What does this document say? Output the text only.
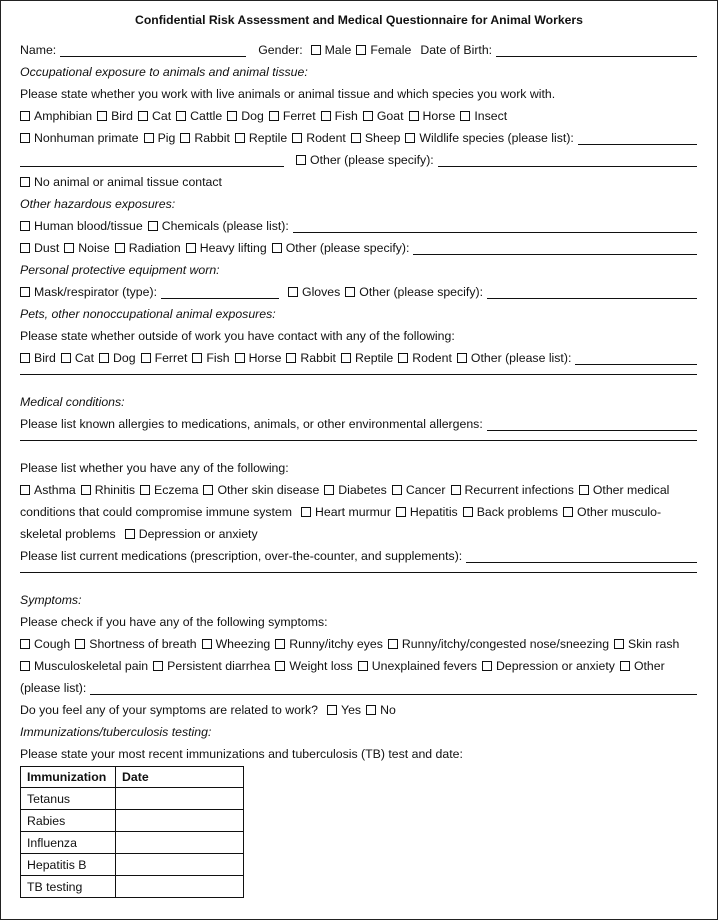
Confidential Risk Assessment and Medical Questionnaire for Animal Workers
Name:	Gender: Male Female Date of Birth:
Occupational exposure to animals and animal tissue:
Please state whether you work with live animals or animal tissue and which species you work with.
Amphibian Bird Cat Cattle Dog Ferret Fish Goat Horse Insect
Nonhuman primate Pig Rabbit Reptile Rodent Sheep Wildlife species (please list):
Other (please specify):
No animal or animal tissue contact
Other hazardous exposures:
Human blood/tissue Chemicals (please list):
Dust Noise Radiation Heavy lifting Other (please specify):
Personal protective equipment worn:
Mask/respirator (type):	Gloves Other (please specify):
Pets, other nonoccupational animal exposures:
Please state whether outside of work you have contact with any of the following:
Bird Cat Dog Ferret Fish Horse Rabbit Reptile Rodent Other (please list):
Medical conditions:
Please list known allergies to medications, animals, or other environmental allergens:
Please list whether you have any of the following:
Asthma Rhinitis Eczema Other skin disease Diabetes Cancer Recurrent infections Other medical
conditions that could compromise immune system Heart murmur Hepatitis Back problems Other musculo-
skeletal problems Depression or anxiety
Please list current medications (prescription, over-the-counter, and supplements):
Symptoms:
Please check if you have any of the following symptoms:
Cough Shortness of breath Wheezing Runny/itchy eyes Runny/itchy/congested nose/sneezing Skin rash
Musculoskeletal pain Persistent diarrhea Weight loss Unexplained fevers Depression or anxiety Other
(please list):
Do you feel any of your symptoms are related to work? Yes No
Immunizations/tuberculosis testing:
Please state your most recent immunizations and tuberculosis (TB) test and date:
Immunization	Date
Tetanus	
Rabies	
Influenza	
Hepatitis B	
TB testing	
